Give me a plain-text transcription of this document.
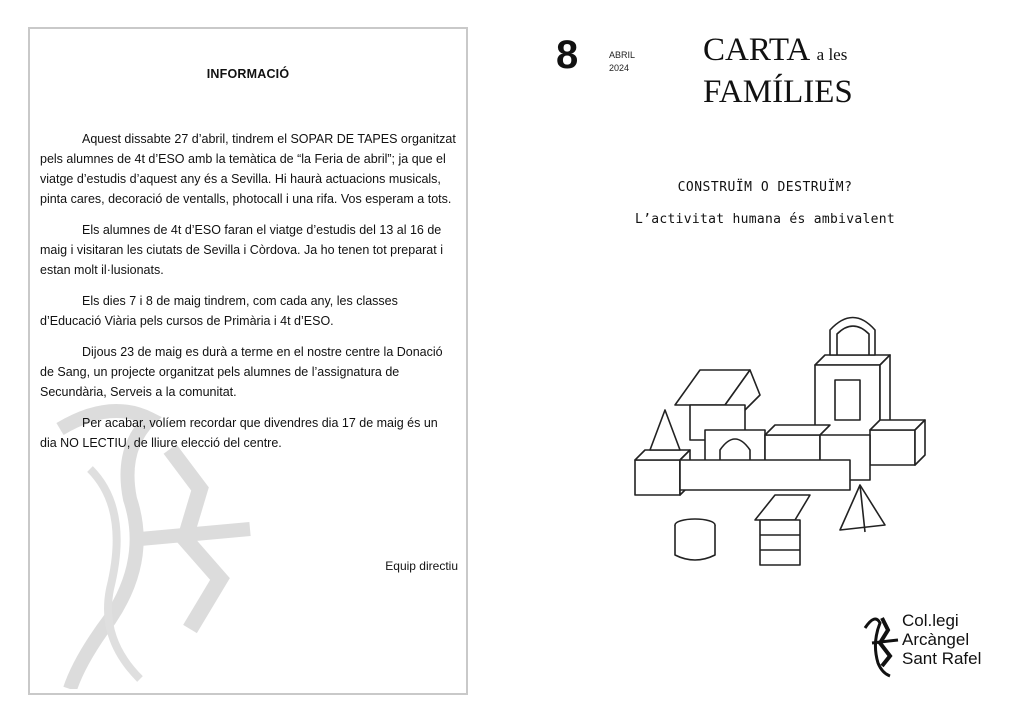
INFORMACIÓ

Aquest dissabte 27 d’abril, tindrem el SOPAR DE TAPES organitzat pels alumnes de 4t d’ESO amb la temàtica de “la Feria de abril”; ja que el viatge d’estudis d’aquest any és a Sevilla. Hi haurà actuacions musicals, pinta cares, decoració de ventalls, photocall i una rifa. Vos esperam a tots.

Els alumnes de 4t d’ESO faran el viatge d’estudis del 13 al 16 de maig i visitaran les ciutats de Sevilla i Còrdova. Ja ho tenen tot preparat i estan molt il·lusionats.

Els dies 7 i 8 de maig tindrem, com cada any, les classes d’Educació Viària pels cursos de Primària i 4t d’ESO.

Dijous 23 de maig es durà a terme en el nostre centre la Donació de Sang, un projecte organitzat pels alumnes de l’assignatura de Secundària, Serveis a la comunitat.

Per acabar, volíem recordar que divendres dia 17 de maig és un dia NO LECTIU, de lliure elecció del centre.

Equip directiu
8	ABRIL
2024 CARTA a les
FAMÍLIES
CONSTRUÏM O DESTRUÏM?
L’activitat humana és ambivalent
Col.legi
Arcàngel
Sant Rafel
